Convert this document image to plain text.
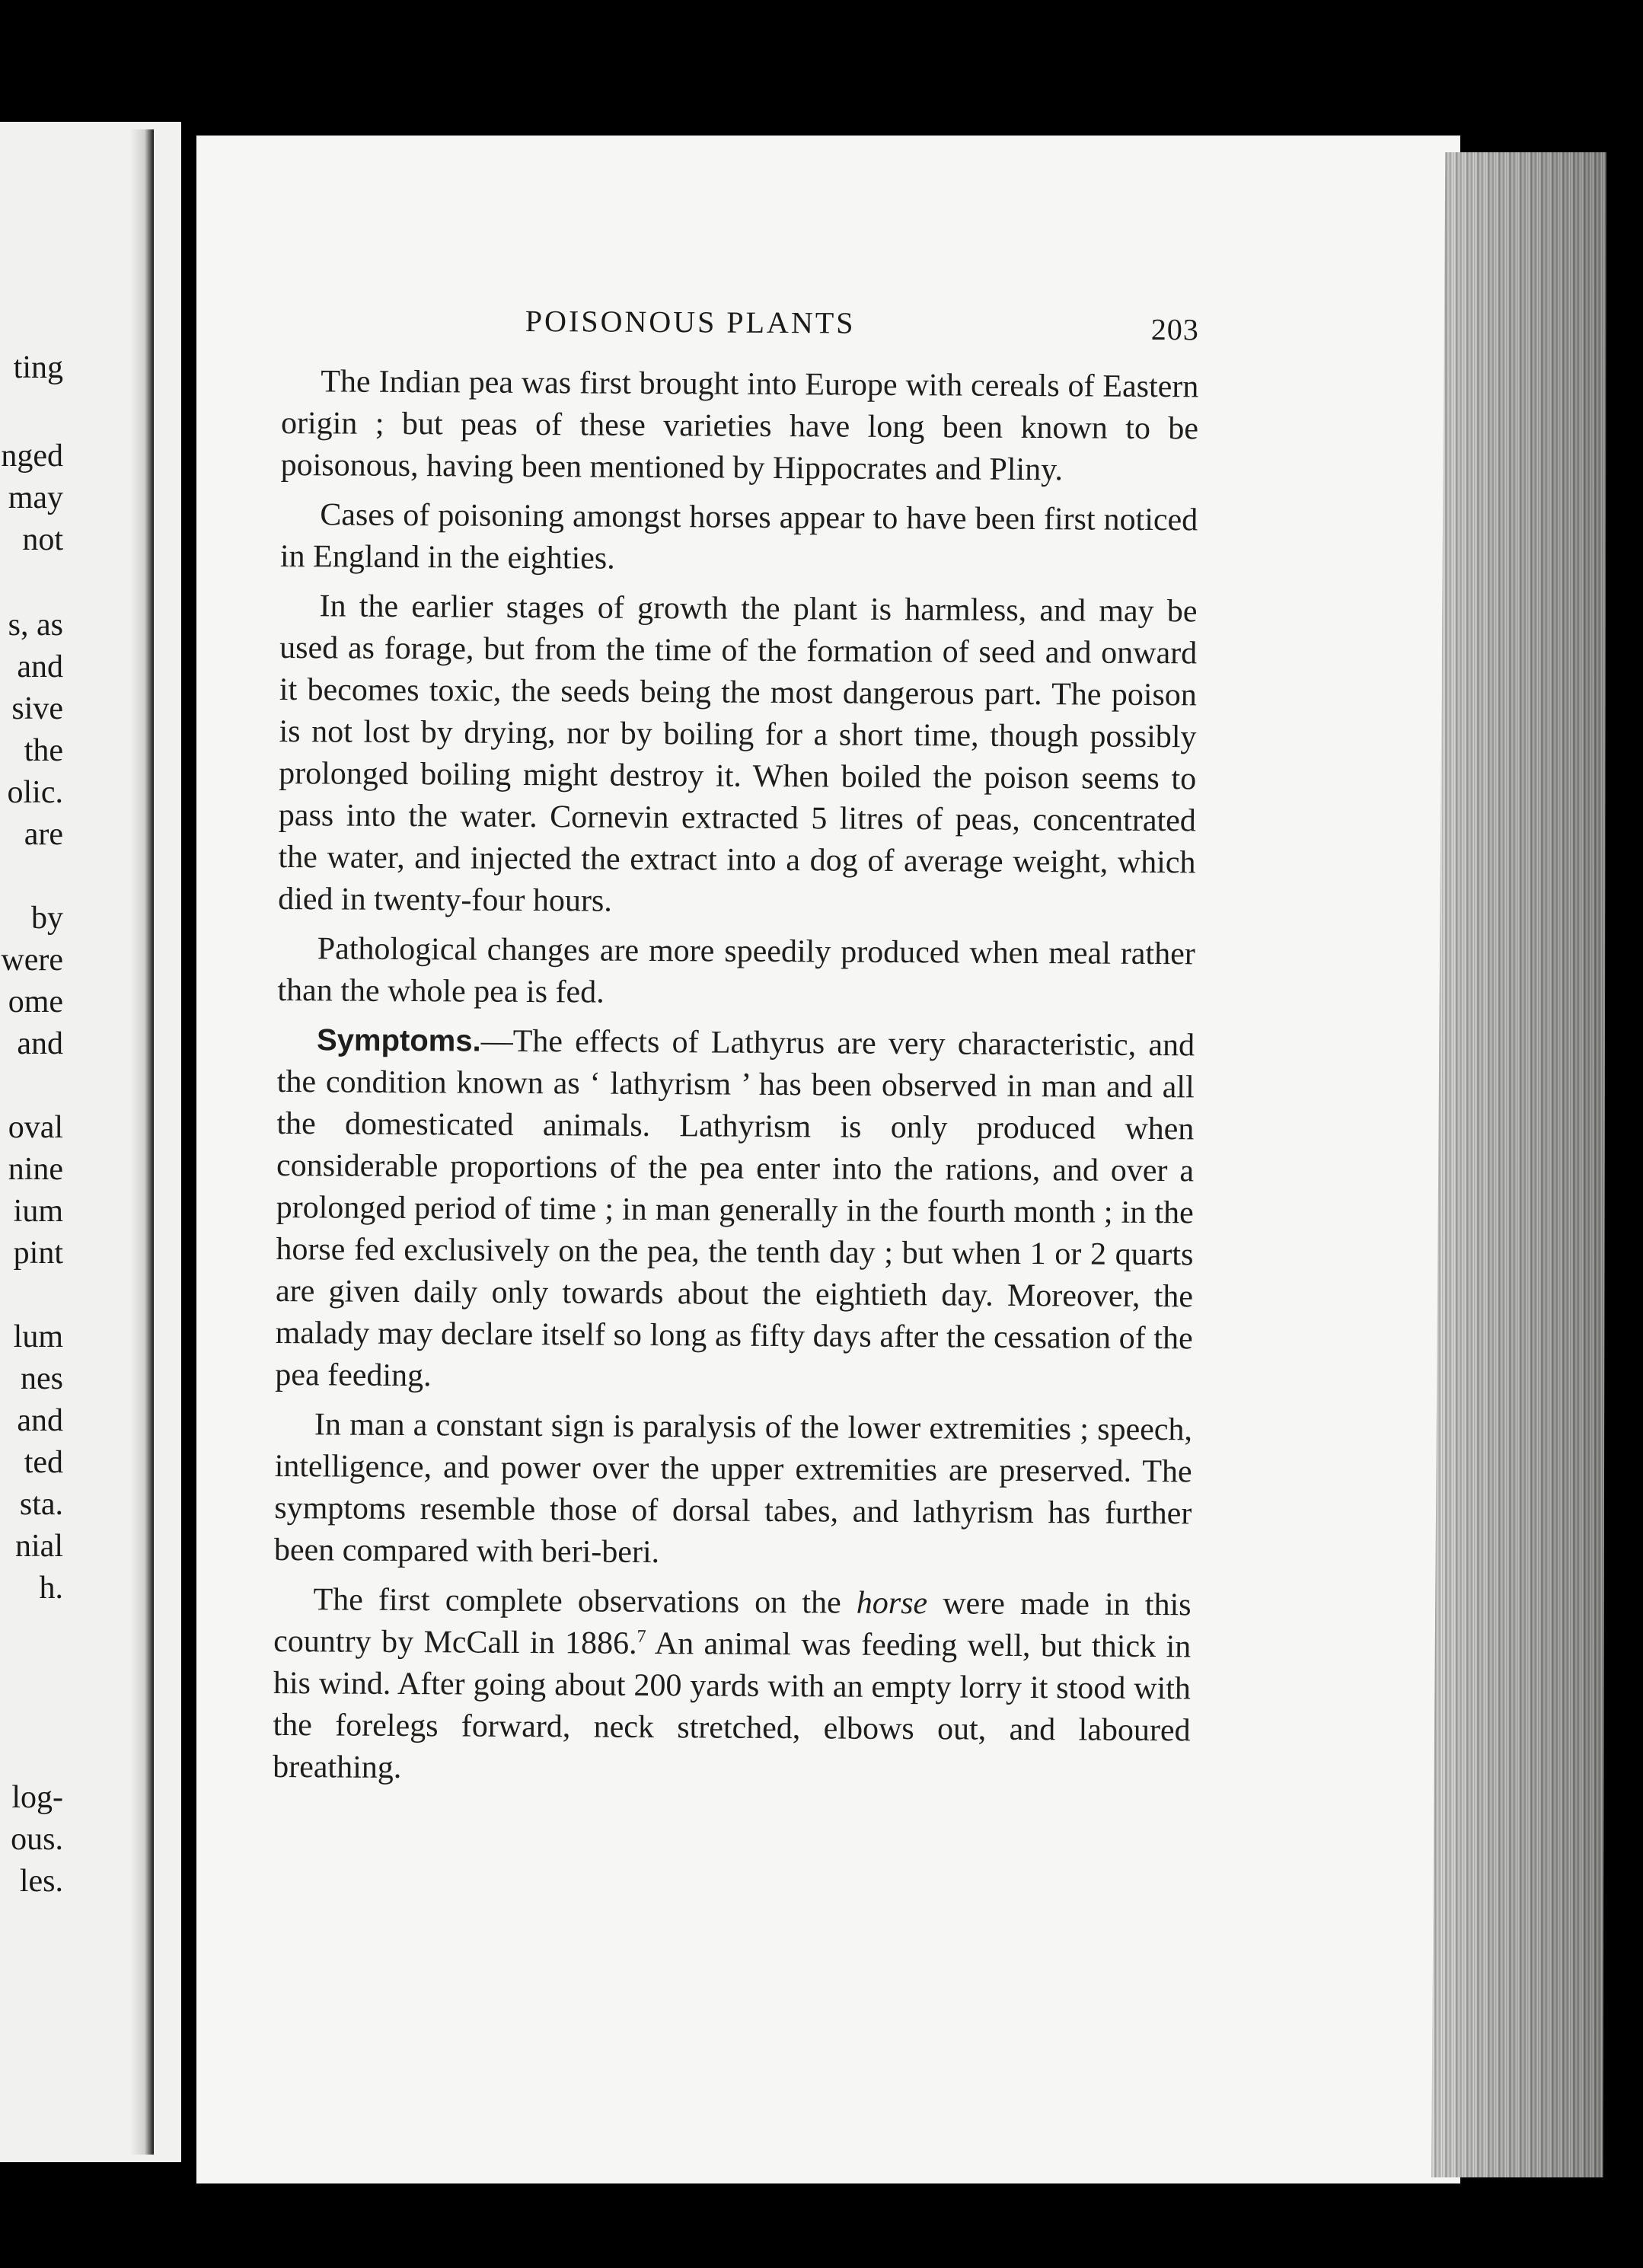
ting
nged
may
not
s, as
and
sive
the
olic.
are
by
were
ome
and
oval
nine
ium
pint
lum
nes
and
ted
sta.
nial
h.
log-
ous.
les.
POISONOUS PLANTS	203

The Indian pea was first brought into Europe with cereals of Eastern origin ; but peas of these varieties have long been known to be poisonous, having been mentioned by Hippocrates and Pliny.

Cases of poisoning amongst horses appear to have been first noticed in England in the eighties.

In the earlier stages of growth the plant is harmless, and may be used as forage, but from the time of the formation of seed and onward it becomes toxic, the seeds being the most dangerous part. The poison is not lost by drying, nor by boiling for a short time, though possibly prolonged boiling might destroy it. When boiled the poison seems to pass into the water. Cornevin extracted 5 litres of peas, concentrated the water, and injected the extract into a dog of average weight, which died in twenty-four hours.

Pathological changes are more speedily produced when meal rather than the whole pea is fed.

Symptoms.—The effects of Lathyrus are very characteristic, and the condition known as ‘ lathyrism ’ has been observed in man and all the domesticated animals. Lathyrism is only produced when considerable proportions of the pea enter into the rations, and over a prolonged period of time ; in man generally in the fourth month ; in the horse fed exclusively on the pea, the tenth day ; but when 1 or 2 quarts are given daily only towards about the eightieth day. Moreover, the malady may declare itself so long as fifty days after the cessation of the pea feeding.

In man a constant sign is paralysis of the lower extremities ; speech, intelligence, and power over the upper extremities are preserved. The symptoms resemble those of dorsal tabes, and lathyrism has further been compared with beri-beri.

The first complete observations on the horse were made in this country by McCall in 1886.$^7$ An animal was feeding well, but thick in his wind. After going about 200 yards with an empty lorry it stood with the forelegs forward, neck stretched, elbows out, and laboured breathing.
